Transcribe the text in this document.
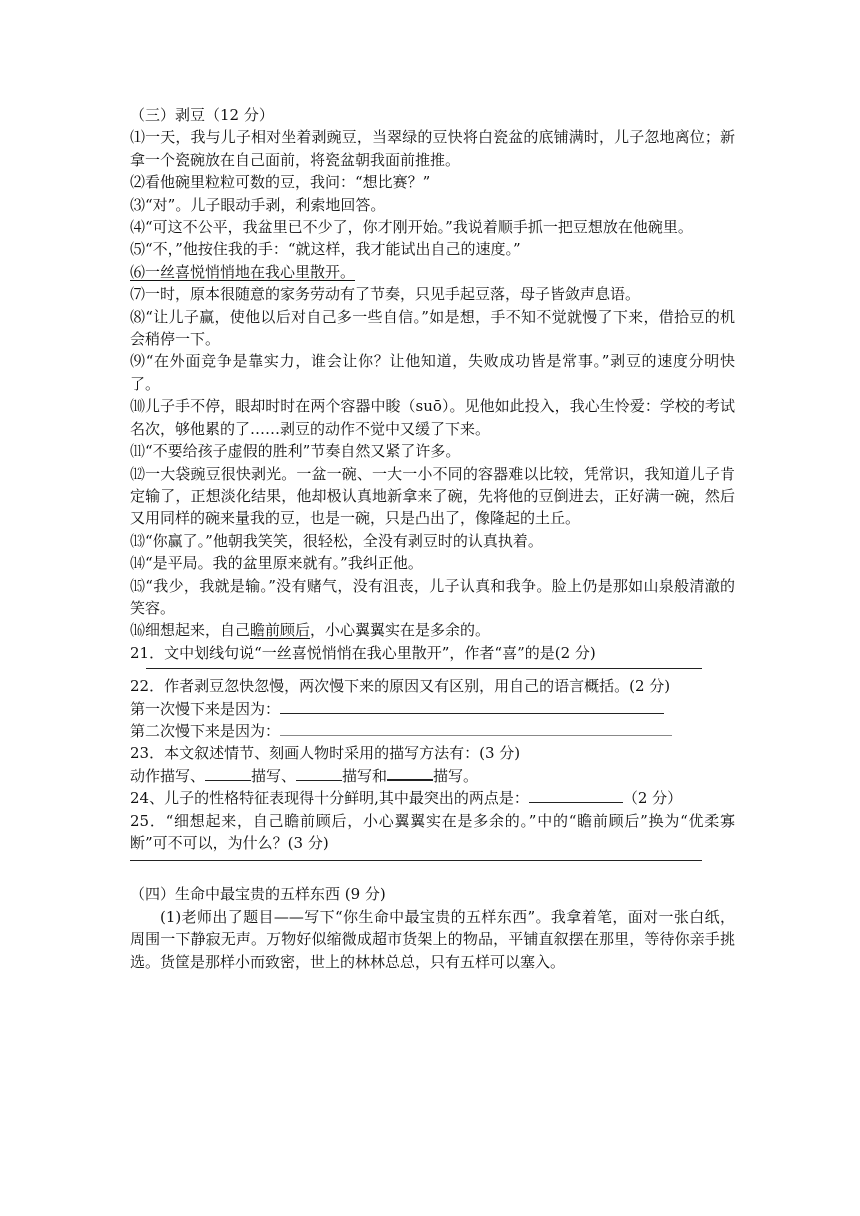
（三）剥豆（12 分）

⑴一天，我与儿子相对坐着剥豌豆，当翠绿的豆快将白瓷盆的底铺满时，儿子忽地离位；新拿一个瓷碗放在自己面前，将瓷盆朝我面前推推。

⑵看他碗里粒粒可数的豆，我问：“想比赛？”

⑶“对”。儿子眼动手剥，利索地回答。

⑷“可这不公平，我盆里已不少了，你才刚开始。”我说着顺手抓一把豆想放在他碗里。

⑸“不，”他按住我的手：“就这样，我才能试出自己的速度。”

⑹一丝喜悦悄悄地在我心里散开。

⑺一时，原本很随意的家务劳动有了节奏，只见手起豆落，母子皆敛声息语。

⑻“让儿子赢，使他以后对自己多一些自信。”如是想，手不知不觉就慢了下来，借拾豆的机会稍停一下。

⑼“在外面竞争是靠实力，谁会让你？让他知道，失败成功皆是常事。”剥豆的速度分明快了。

⑽儿子手不停，眼却时时在两个容器中睃（suō）。见他如此投入，我心生怜爱：学校的考试名次，够他累的了……剥豆的动作不觉中又缓了下来。

⑾“不要给孩子虚假的胜利”节奏自然又紧了许多。

⑿一大袋豌豆很快剥光。一盆一碗、一大一小不同的容器难以比较，凭常识，我知道儿子肯定输了，正想淡化结果，他却极认真地新拿来了碗，先将他的豆倒进去，正好满一碗，然后又用同样的碗来量我的豆，也是一碗，只是凸出了，像隆起的土丘。

⒀“你赢了。”他朝我笑笑，很轻松，全没有剥豆时的认真执着。

⒁“是平局。我的盆里原来就有。”我纠正他。

⒂“我少，我就是输。”没有赌气，没有沮丧，儿子认真和我争。脸上仍是那如山泉般清澈的笑容。

⒃细想起来，自己瞻前顾后，小心翼翼实在是多余的。

21．文中划线句说“一丝喜悦悄悄在我心里散开”，作者“喜”的是(2 分)

22．作者剥豆忽快忽慢，两次慢下来的原因又有区别，用自己的语言概括。(2 分)

第一次慢下来是因为：

第二次慢下来是因为：

23．本文叙述情节、刻画人物时采用的描写方法有：(3 分)

动作描写、	描写、	描写和	描写。

24、儿子的性格特征表现得十分鲜明,其中最突出的两点是：	（2 分）

25．“细想起来，自己瞻前顾后，小心翼翼实在是多余的。”中的“瞻前顾后”换为“优柔寡断”可不可以，为什么？(3 分)

（四）生命中最宝贵的五样东西 (9 分)

(1)老师出了题目——写下“你生命中最宝贵的五样东西”。我拿着笔，面对一张白纸，周围一下静寂无声。万物好似缩微成超市货架上的物品，平铺直叙摆在那里，等待你亲手挑选。货筐是那样小而致密，世上的林林总总，只有五样可以塞入。
